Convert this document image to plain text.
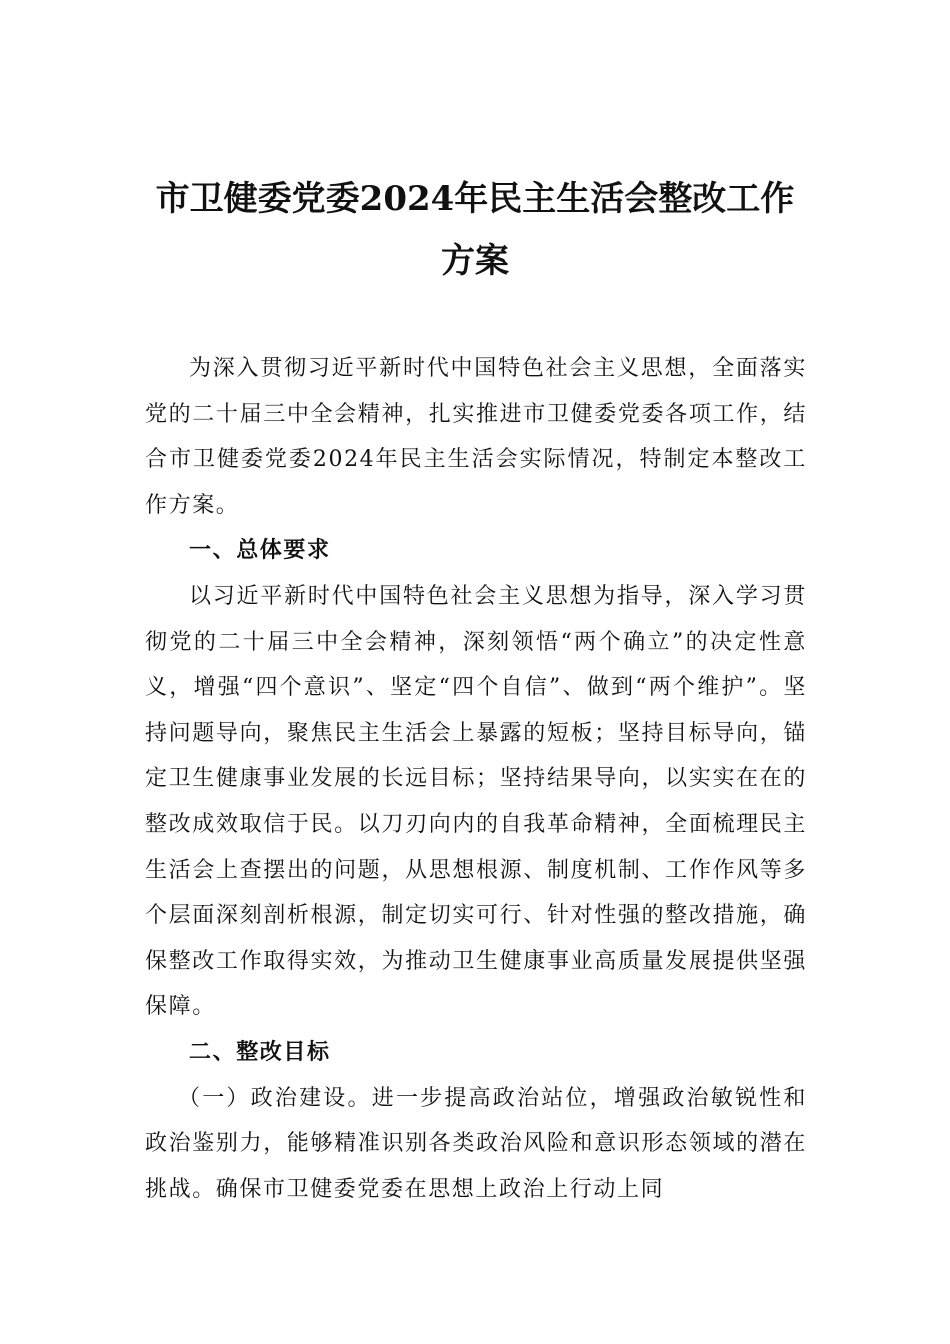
市卫健委党委2024年民主生活会整改工作
方案

为深入贯彻习近平新时代中国特色社会主义思想，全面落实党的二十届三中全会精神，扎实推进市卫健委党委各项工作，结合市卫健委党委2024年民主生活会实际情况，特制定本整改工作方案。

一、总体要求

以习近平新时代中国特色社会主义思想为指导，深入学习贯彻党的二十届三中全会精神，深刻领悟“两个确立”的决定性意义，增强“四个意识”、坚定“四个自信”、做到“两个维护”。坚持问题导向，聚焦民主生活会上暴露的短板；坚持目标导向，锚定卫生健康事业发展的长远目标；坚持结果导向，以实实在在的整改成效取信于民。以刀刃向内的自我革命精神，全面梳理民主生活会上查摆出的问题，从思想根源、制度机制、工作作风等多个层面深刻剖析根源，制定切实可行、针对性强的整改措施，确保整改工作取得实效，为推动卫生健康事业高质量发展提供坚强保障。

二、整改目标

（一）政治建设。进一步提高政治站位，增强政治敏锐性和政治鉴别力，能够精准识别各类政治风险和意识形态领域的潜在挑战。确保市卫健委党委在思想上政治上行动上同
